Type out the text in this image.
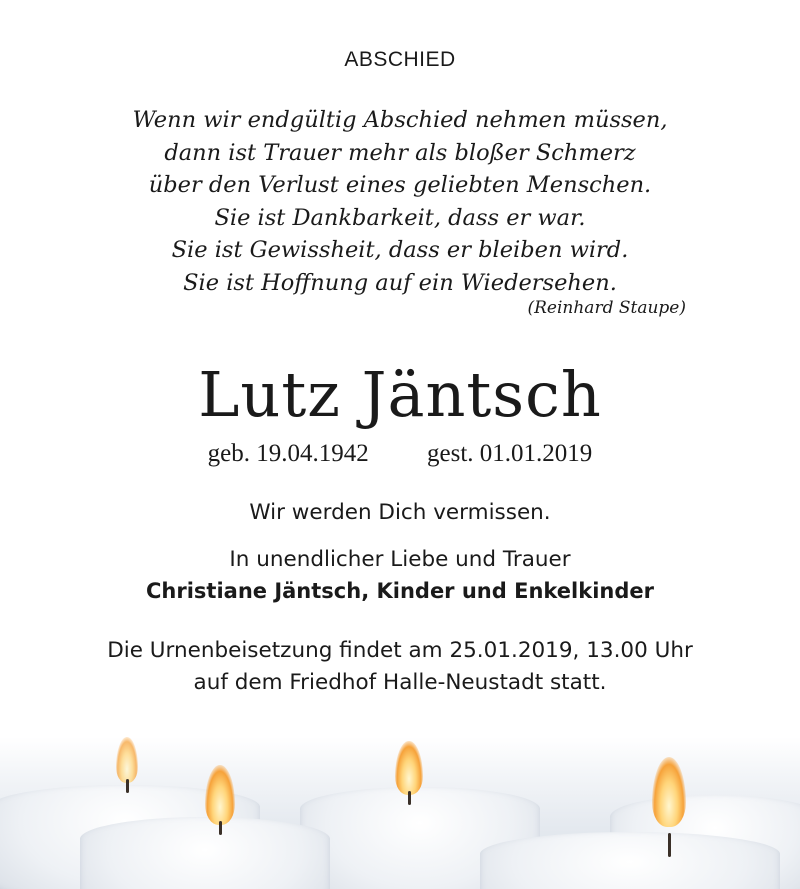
ABSCHIED
Wenn wir endgültig Abschied nehmen müssen,
dann ist Trauer mehr als bloßer Schmerz
über den Verlust eines geliebten Menschen.
Sie ist Dankbarkeit, dass er war.
Sie ist Gewissheit, dass er bleiben wird.
Sie ist Hoffnung auf ein Wiedersehen.
(Reinhard Staupe)
Lutz Jäntsch
geb. 19.04.1942 gest. 01.01.2019
Wir werden Dich vermissen.
In unendlicher Liebe und Trauer
Christiane Jäntsch, Kinder und Enkelkinder
Die Urnenbeisetzung findet am 25.01.2019, 13.00 Uhr
auf dem Friedhof Halle-Neustadt statt.
